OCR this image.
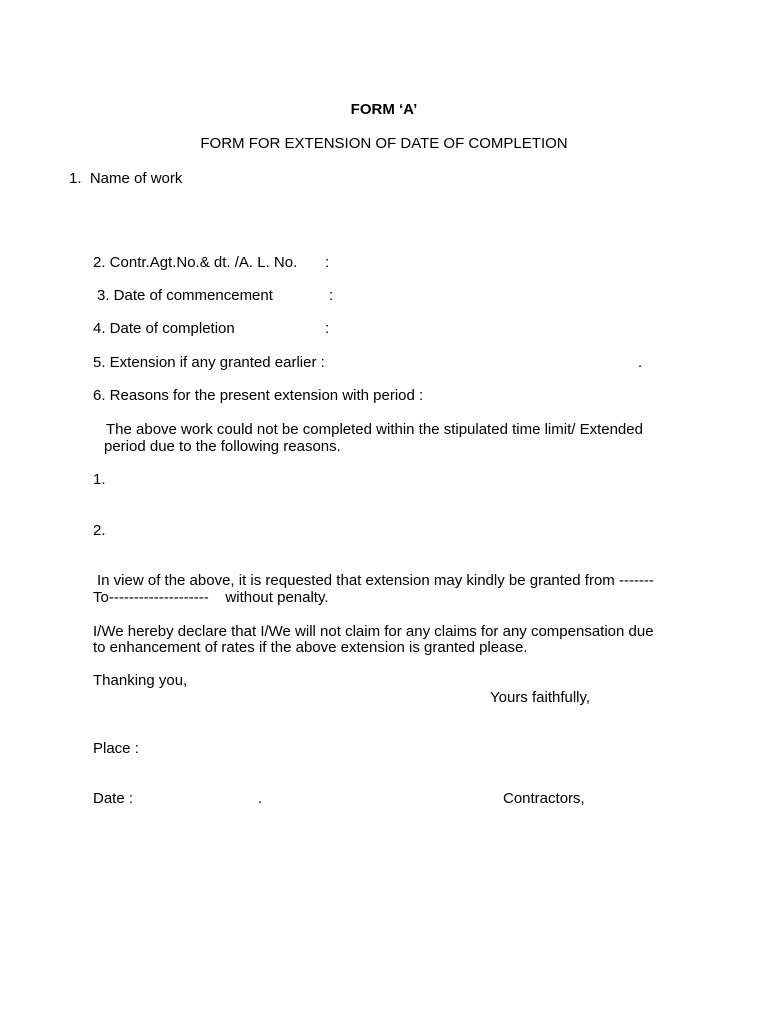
FORM ‘A’
FORM FOR EXTENSION OF DATE OF COMPLETION
1.  Name of work
2. Contr.Agt.No.& dt. /A. L. No. :
3. Date of commencement	:
4. Date of completion	:
5. Extension if any granted earlier :	.
6. Reasons for the present extension with period :
The above work could not be completed within the stipulated time limit/ Extended
period due to the following reasons.
1.
2.
In view of the above, it is requested that extension may kindly be granted from -------
To--------------------    without penalty.
I/We hereby declare that I/We will not claim for any claims for any compensation due
to enhancement of rates if the above extension is granted please.
Thanking you,
Yours faithfully,
Place :
Date :	.	Contractors,
